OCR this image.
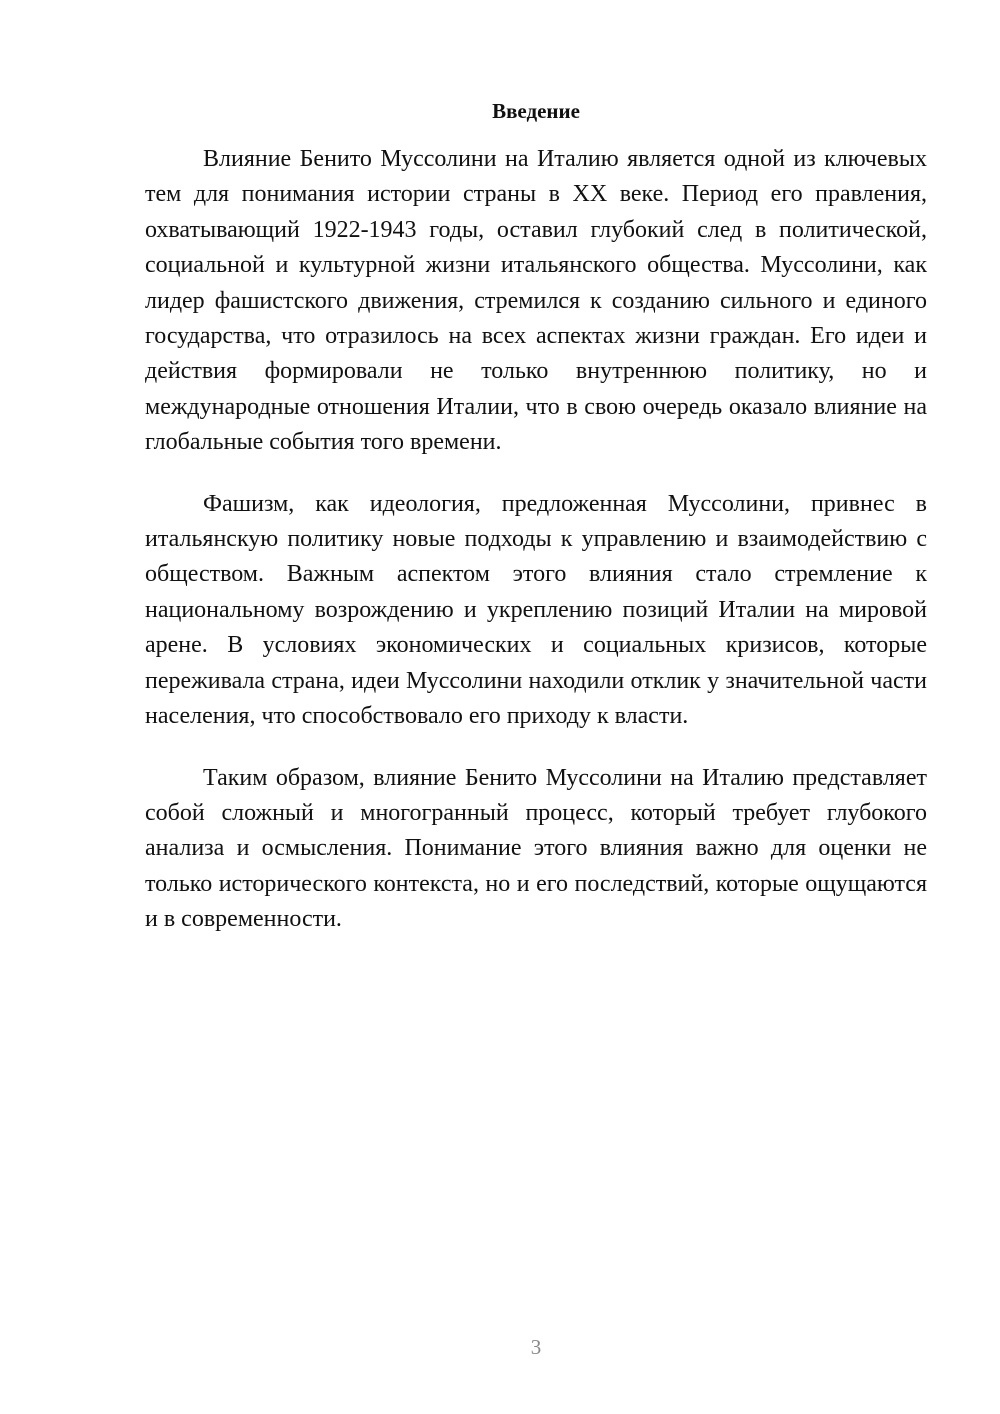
Введение

Влияние Бенито Муссолини на Италию является одной из ключевых тем для понимания истории страны в XX веке. Период его правления, охватывающий 1922-1943 годы, оставил глубокий след в политической, социальной и культурной жизни итальянского общества. Муссолини, как лидер фашистского движения, стремился к созданию сильного и единого государства, что отразилось на всех аспектах жизни граждан. Его идеи и действия формировали не только внутреннюю политику, но и международные отношения Италии, что в свою очередь оказало влияние на глобальные события того времени.

Фашизм, как идеология, предложенная Муссолини, привнес в итальянскую политику новые подходы к управлению и взаимодействию с обществом. Важным аспектом этого влияния стало стремление к национальному возрождению и укреплению позиций Италии на мировой арене. В условиях экономических и социальных кризисов, которые переживала страна, идеи Муссолини находили отклик у значительной части населения, что способствовало его приходу к власти.

Таким образом, влияние Бенито Муссолини на Италию представляет собой сложный и многогранный процесс, который требует глубокого анализа и осмысления. Понимание этого влияния важно для оценки не только исторического контекста, но и его последствий, которые ощущаются и в современности.

3
